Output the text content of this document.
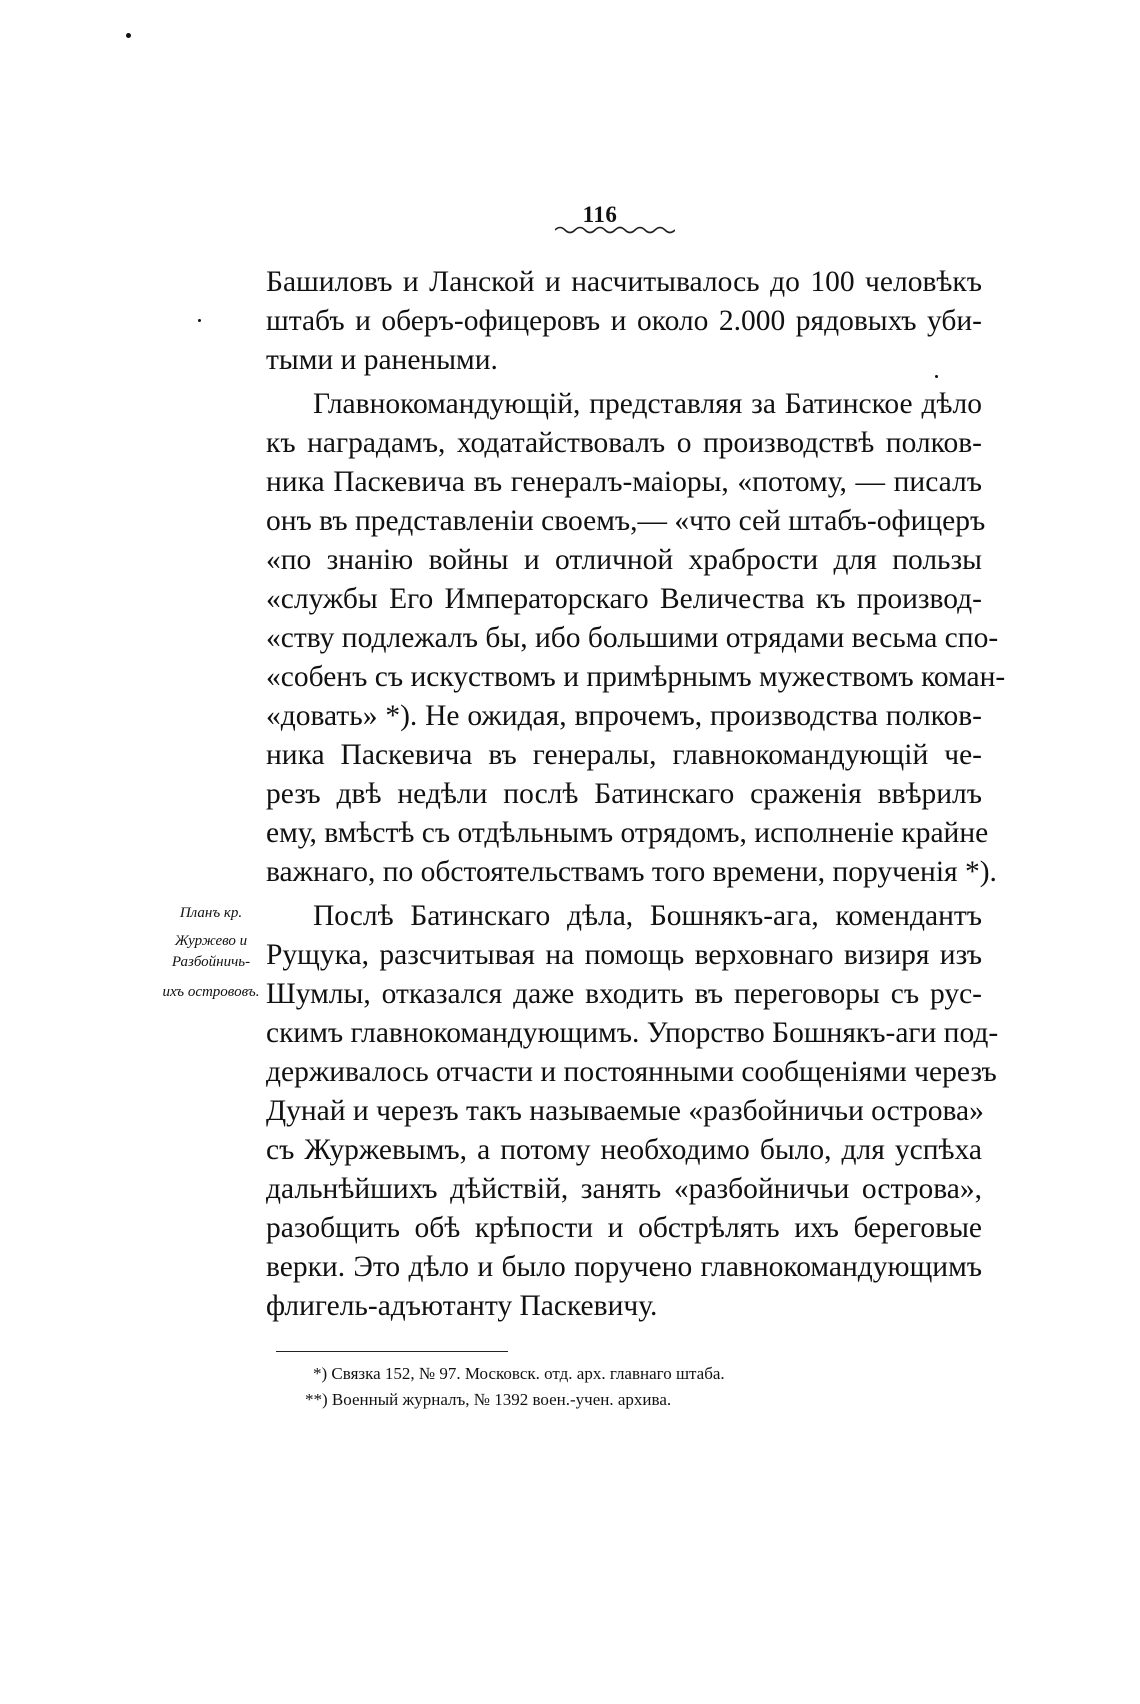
116
Башиловъ и Ланской и насчитывалось до 100 человѣкъ
штабъ и оберъ-офицеровъ и около 2.000 рядовыхъ уби-
тыми и ранеными.
Главнокомандующій, представляя за Батинское дѣло
къ наградамъ, ходатайствовалъ о производствѣ полков-
ника Паскевича въ генералъ-маіоры, «потому, — писалъ
онъ въ представленіи своемъ,— «что сей штабъ-офицеръ
«по знанію войны и отличной храбрости для пользы
«службы Его Императорскаго Величества къ производ-
«ству подлежалъ бы, ибо большими отрядами весьма спо-
«собенъ съ искуствомъ и примѣрнымъ мужествомъ коман-
«довать» *). Не ожидая, впрочемъ, производства полков-
ника Паскевича въ генералы, главнокомандующій че-
резъ двѣ недѣли послѣ Батинскаго сраженія ввѣрилъ
ему, вмѣстѣ съ отдѣльнымъ отрядомъ, исполненіе крайне
важнаго, по обстоятельствамъ того времени, порученія *).
Планъ кр.
Журжево и
Разбойничь-
ихъ острововъ.
Послѣ Батинскаго дѣла, Бошнякъ-ага, комендантъ
Рущука, разсчитывая на помощь верховнаго визиря изъ
Шумлы, отказался даже входить въ переговоры съ рус-
скимъ главнокомандующимъ. Упорство Бошнякъ-аги под-
держивалось отчасти и постоянными сообщеніями черезъ
Дунай и черезъ такъ называемые «разбойничьи острова»
съ Журжевымъ, а потому необходимо было, для успѣха
дальнѣйшихъ дѣйствій, занять «разбойничьи острова»,
разобщить обѣ крѣпости и обстрѣлять ихъ береговые
верки. Это дѣло и было поручено главнокомандующимъ
флигель-адъютанту Паскевичу.
*) Связка 152, № 97. Московск. отд. арх. главнаго штаба.
**) Военный журналъ, № 1392 воен.-учен. архива.
